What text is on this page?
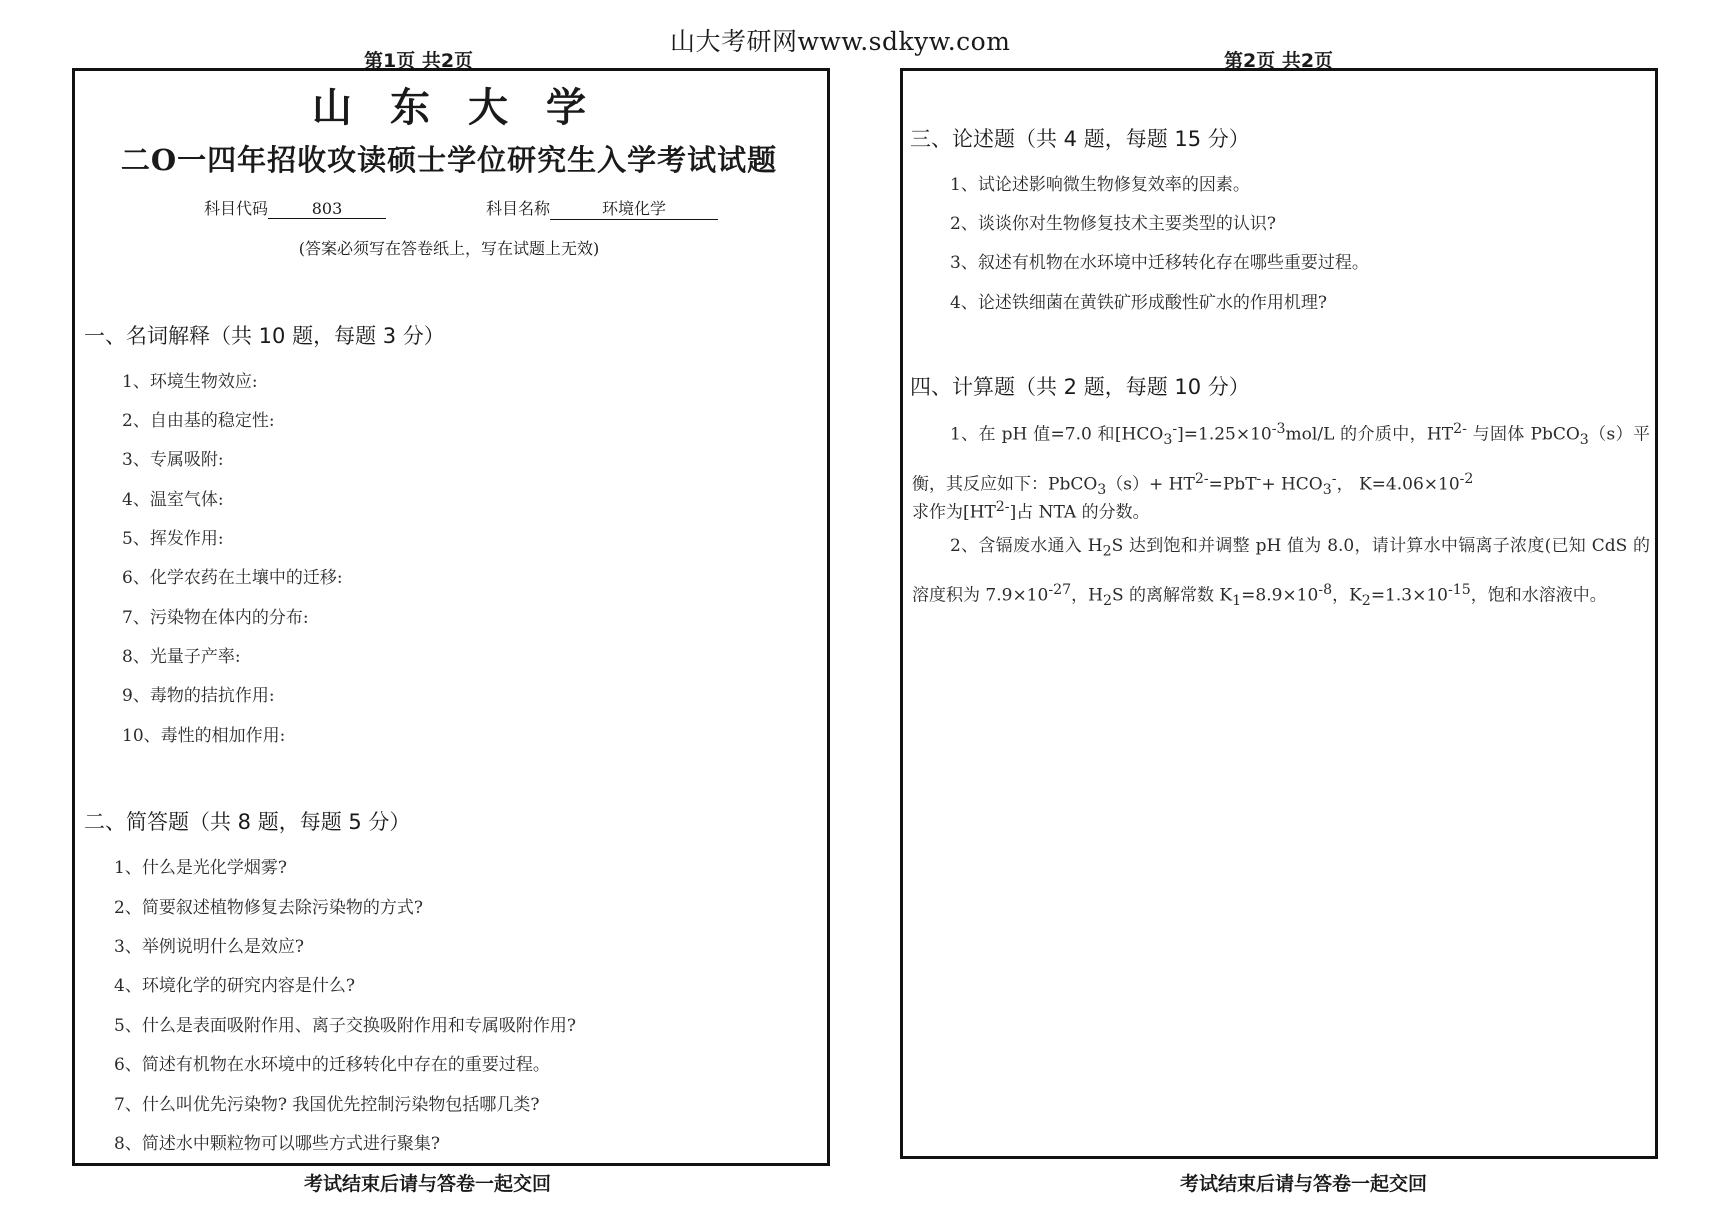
山大考研网www.sdkyw.com
第1页 共2页
山东大学
二O一四年招收攻读硕士学位研究生入学考试试题
科目代码	803	科目名称	环境化学
(答案必须写在答卷纸上，写在试题上无效)
一、名词解释（共 10 题，每题 3 分）
1、环境生物效应:
2、自由基的稳定性:
3、专属吸附:
4、温室气体:
5、挥发作用:
6、化学农药在土壤中的迁移:
7、污染物在体内的分布:
8、光量子产率:
9、毒物的拮抗作用:
10、毒性的相加作用:
二、简答题（共 8 题，每题 5 分）
1、什么是光化学烟雾?
2、简要叙述植物修复去除污染物的方式?
3、举例说明什么是效应?
4、环境化学的研究内容是什么?
5、什么是表面吸附作用、离子交换吸附作用和专属吸附作用?
6、简述有机物在水环境中的迁移转化中存在的重要过程。
7、什么叫优先污染物? 我国优先控制污染物包括哪几类?
8、简述水中颗粒物可以哪些方式进行聚集?
考试结束后请与答卷一起交回
第2页 共2页
三、论述题（共 4 题，每题 15 分）
1、试论述影响微生物修复效率的因素。
2、谈谈你对生物修复技术主要类型的认识?
3、叙述有机物在水环境中迁移转化存在哪些重要过程。
4、论述铁细菌在黄铁矿形成酸性矿水的作用机理?
四、计算题（共 2 题，每题 10 分）
1、在 pH 值=7.0 和$[HCO_3^-]=1.25\times 10^{-3}mol/L$ 的介质中，$HT^{2-}$ 与固体 PbCO$_3$（s）平衡，其反应如下：PbCO$_3$（s）+ $HT^{2-}=PbT^-+ HCO_3^-$， $K=4.06\times 10^{-2}$
求作为$[HT^{2-}]$占 NTA 的分数。
2、含镉废水通入 $H_2S$ 达到饱和并调整 pH 值为 8.0，请计算水中镉离子浓度(已知 CdS 的溶度积为 $7.9\times 10^{-27}$，$H_2S$ 的离解常数 $K_1=8.9\times 10^{-8}$，$K_2=1.3\times 10^{-15}$，饱和水溶液中。
考试结束后请与答卷一起交回
